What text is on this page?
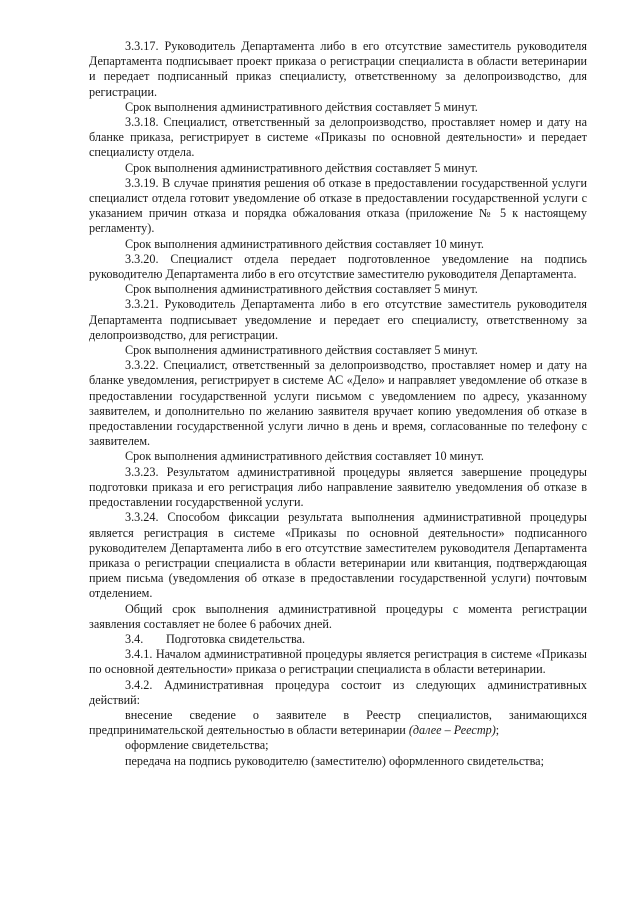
3.3.17. Руководитель Департамента либо в его отсутствие заместитель руководителя Департамента подписывает проект приказа о регистрации специалиста в области ветеринарии и передает подписанный приказ специалисту, ответственному за делопроизводство, для регистрации.

Срок выполнения административного действия составляет 5 минут.

3.3.18. Специалист, ответственный за делопроизводство, проставляет номер и дату на бланке приказа, регистрирует в системе «Приказы по основной деятельности» и передает специалисту отдела.

Срок выполнения административного действия составляет 5 минут.

3.3.19. В случае принятия решения об отказе в предоставлении государственной услуги специалист отдела готовит уведомление об отказе в предоставлении государственной услуги с указанием причин отказа и порядка обжалования отказа (приложение № 5 к настоящему регламенту).

Срок выполнения административного действия составляет 10 минут.

3.3.20. Специалист отдела передает подготовленное уведомление на подпись руководителю Департамента либо в его отсутствие заместителю руководителя Департамента.

Срок выполнения административного действия составляет 5 минут.

3.3.21. Руководитель Департамента либо в его отсутствие заместитель руководителя Департамента подписывает уведомление и передает его специалисту, ответственному за делопроизводство, для регистрации.

Срок выполнения административного действия составляет 5 минут.

3.3.22. Специалист, ответственный за делопроизводство, проставляет номер и дату на бланке уведомления, регистрирует в системе АС «Дело» и направляет уведомление об отказе в предоставлении государственной услуги письмом с уведомлением по адресу, указанному заявителем, и дополнительно по желанию заявителя вручает копию уведомления об отказе в предоставлении государственной услуги лично в день и время, согласованные по телефону с заявителем.

Срок выполнения административного действия составляет 10 минут.

3.3.23. Результатом административной процедуры является завершение процедуры подготовки приказа и его регистрация либо направление заявителю уведомления об отказе в предоставлении государственной услуги.

3.3.24. Способом фиксации результата выполнения административной процедуры является регистрация в системе «Приказы по основной деятельности» подписанного руководителем Департамента либо в его отсутствие заместителем руководителя Департамента приказа о регистрации специалиста в области ветеринарии или квитанция, подтверждающая прием письма (уведомления об отказе в предоставлении государственной услуги) почтовым отделением.

Общий срок выполнения административной процедуры с момента регистрации заявления составляет не более 6 рабочих дней.

3.4. Подготовка свидетельства.

3.4.1. Началом административной процедуры является регистрация в системе «Приказы по основной деятельности» приказа о регистрации специалиста в области ветеринарии.

3.4.2. Административная процедура состоит из следующих административных действий:

внесение сведение о заявителе в Реестр специалистов, занимающихся предпринимательской деятельностью в области ветеринарии (далее – Реестр);

оформление свидетельства;

передача на подпись руководителю (заместителю) оформленного свидетельства;
